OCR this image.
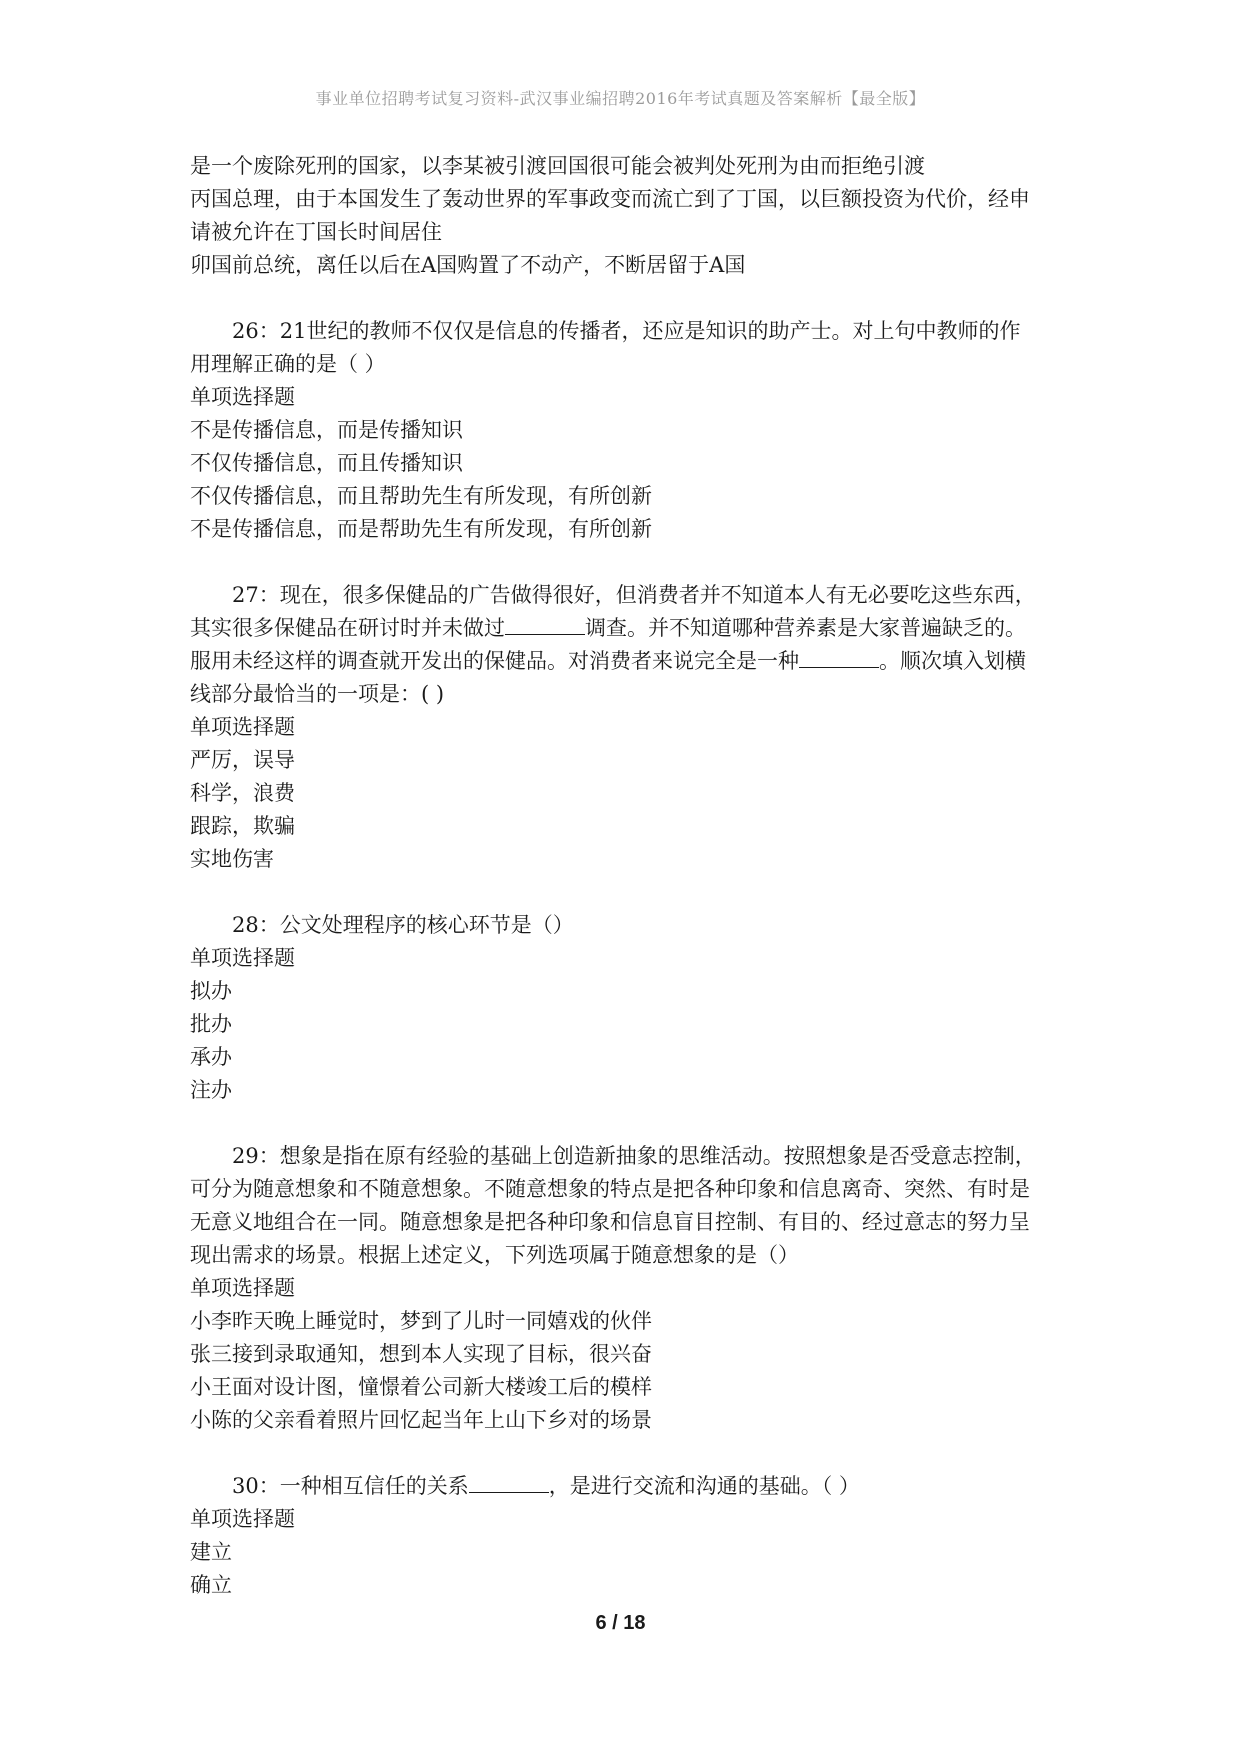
事业单位招聘考试复习资料-武汉事业编招聘2016年考试真题及答案解析【最全版】
是一个废除死刑的国家，以李某被引渡回国很可能会被判处死刑为由而拒绝引渡
丙国总理，由于本国发生了轰动世界的军事政变而流亡到了丁国，以巨额投资为代价，经申
请被允许在丁国长时间居住
卯国前总统，离任以后在A国购置了不动产，不断居留于A国
26：21世纪的教师不仅仅是信息的传播者，还应是知识的助产士。对上句中教师的作
用理解正确的是（ ）
单项选择题
不是传播信息，而是传播知识
不仅传播信息，而且传播知识
不仅传播信息，而且帮助先生有所发现，有所创新
不是传播信息，而是帮助先生有所发现，有所创新
27：现在，很多保健品的广告做得很好，但消费者并不知道本人有无必要吃这些东西，
其实很多保健品在研讨时并未做过	调查。并不知道哪种营养素是大家普遍缺乏的。
服用未经这样的调查就开发出的保健品。对消费者来说完全是一种	。顺次填入划横
线部分最恰当的一项是：( )
单项选择题
严厉，误导
科学，浪费
跟踪，欺骗
实地伤害
28：公文处理程序的核心环节是（）
单项选择题
拟办
批办
承办
注办
29：想象是指在原有经验的基础上创造新抽象的思维活动。按照想象是否受意志控制，
可分为随意想象和不随意想象。不随意想象的特点是把各种印象和信息离奇、突然、有时是
无意义地组合在一同。随意想象是把各种印象和信息盲目控制、有目的、经过意志的努力呈
现出需求的场景。根据上述定义，下列选项属于随意想象的是（）
单项选择题
小李昨天晚上睡觉时，梦到了儿时一同嬉戏的伙伴
张三接到录取通知，想到本人实现了目标，很兴奋
小王面对设计图，憧憬着公司新大楼竣工后的模样
小陈的父亲看着照片回忆起当年上山下乡对的场景
30：一种相互信任的关系	，是进行交流和沟通的基础。（ ）
单项选择题
建立
确立
6 / 18
